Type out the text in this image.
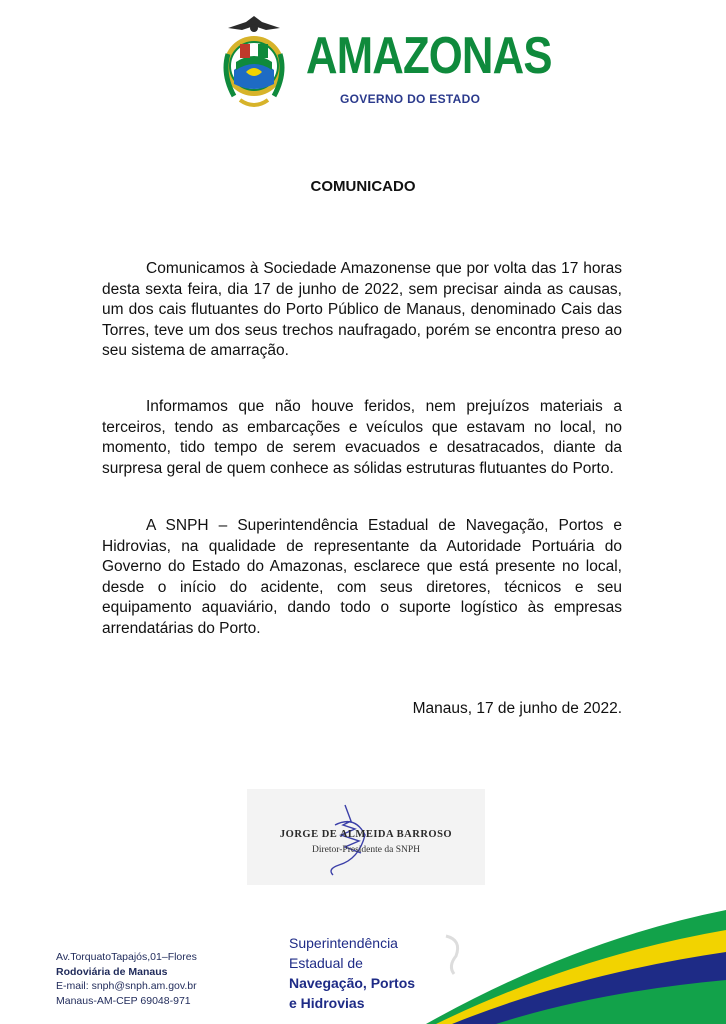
AMAZONAS
GOVERNO DO ESTADO
COMUNICADO

Comunicamos à Sociedade Amazonense que por volta das 17 horas desta sexta feira, dia 17 de junho de 2022, sem precisar ainda as causas, um dos cais flutuantes do Porto Público de Manaus, denominado Cais das Torres, teve um dos seus trechos naufragado, porém se encontra preso ao seu sistema de amarração.

Informamos que não houve feridos, nem prejuízos materiais a terceiros, tendo as embarcações e veículos que estavam no local, no momento, tido tempo de serem evacuados e desatracados, diante da surpresa geral de quem conhece as sólidas estruturas flutuantes do Porto.

A SNPH – Superintendência Estadual de Navegação, Portos e Hidrovias, na qualidade de representante da Autoridade Portuária do Governo do Estado do Amazonas, esclarece que está presente no local, desde o início do acidente, com seus diretores, técnicos e seu equipamento aquaviário, dando todo o suporte logístico às empresas arrendatárias do Porto.

Manaus, 17 de junho de 2022.
JORGE DE ALMEIDA BARROSO
Diretor-Presidente da SNPH
Av.TorquatoTapajós,01–Flores
Rodoviária de Manaus
E-mail: snph@snph.am.gov.br
Manaus-AM-CEP 69048-971
Superintendência
Estadual de
Navegação, Portos
e Hidrovias
